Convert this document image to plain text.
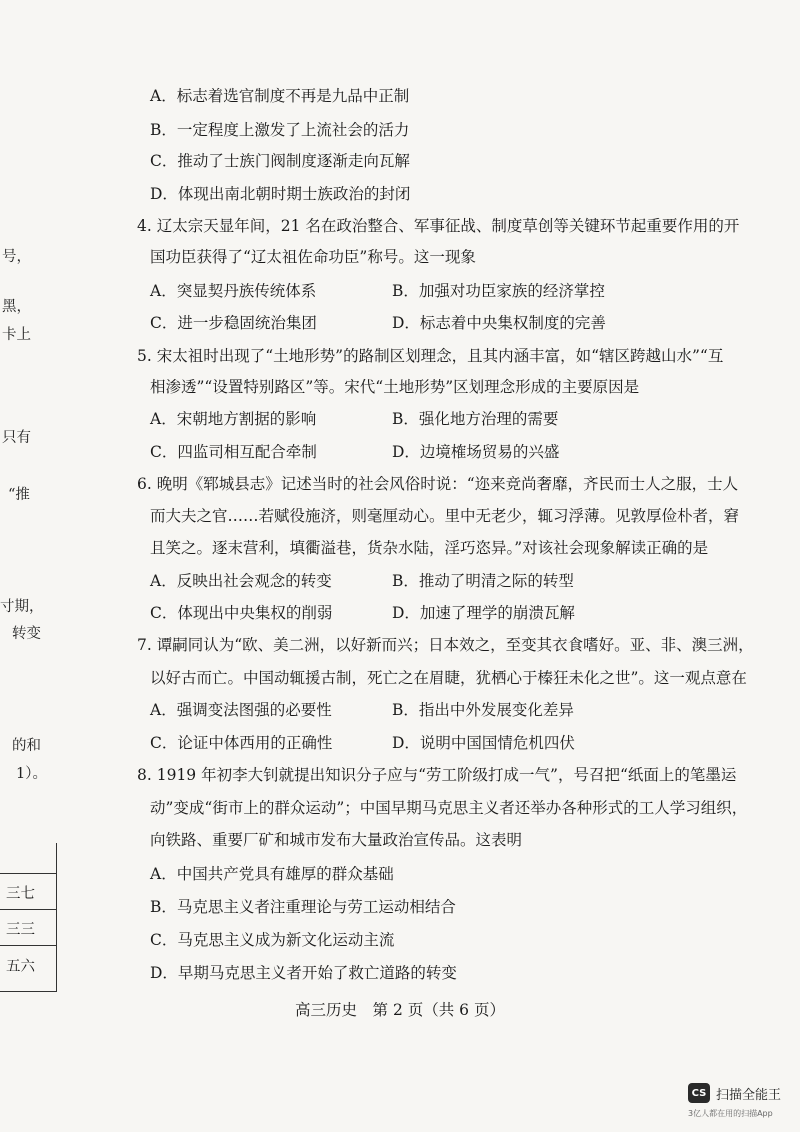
A．标志着选官制度不再是九品中正制
B．一定程度上激发了上流社会的活力
C．推动了士族门阀制度逐渐走向瓦解
D．体现出南北朝时期士族政治的封闭
4. 辽太宗天显年间，21 名在政治整合、军事征战、制度草创等关键环节起重要作用的开
国功臣获得了“辽太祖佐命功臣”称号。这一现象
A．突显契丹族传统体系	B．加强对功臣家族的经济掌控
C．进一步稳固统治集团	D．标志着中央集权制度的完善
5. 宋太祖时出现了“土地形势”的路制区划理念，且其内涵丰富，如“辖区跨越山水”“互
相渗透”“设置特别路区”等。宋代“土地形势”区划理念形成的主要原因是
A．宋朝地方割据的影响	B．强化地方治理的需要
C．四监司相互配合牵制	D．边境榷场贸易的兴盛
6. 晚明《郓城县志》记述当时的社会风俗时说：“迩来竞尚奢靡，齐民而士人之服，士人
而大夫之官……若赋役施济，则毫厘动心。里中无老少，辄习浮薄。见敦厚俭朴者，窘
且笑之。逐末营利，填衢溢巷，货杂水陆，淫巧恣异。”对该社会现象解读正确的是
A．反映出社会观念的转变	B．推动了明清之际的转型
C．体现出中央集权的削弱	D．加速了理学的崩溃瓦解
7. 谭嗣同认为“欧、美二洲，以好新而兴；日本效之，至变其衣食嗜好。亚、非、澳三洲，
以好古而亡。中国动辄援古制，死亡之在眉睫，犹栖心于榛狂未化之世”。这一观点意在
A．强调变法图强的必要性	B．指出中外发展变化差异
C．论证中体西用的正确性	D．说明中国国情危机四伏
8. 1919 年初李大钊就提出知识分子应与“劳工阶级打成一气”，号召把“纸面上的笔墨运
动”变成“街市上的群众运动”；中国早期马克思主义者还举办各种形式的工人学习组织，
向铁路、重要厂矿和城市发布大量政治宣传品。这表明
A．中国共产党具有雄厚的群众基础
B．马克思主义者注重理论与劳工运动相结合
C．马克思主义成为新文化运动主流
D．早期马克思主义者开始了救亡道路的转变
号，
黑，
卡上
只有
“推
寸期，
转变
的和
1）。
三七
三三
五六
高三历史　第 2 页（共 6 页）
CS 扫描全能王
3亿人都在用的扫描App
